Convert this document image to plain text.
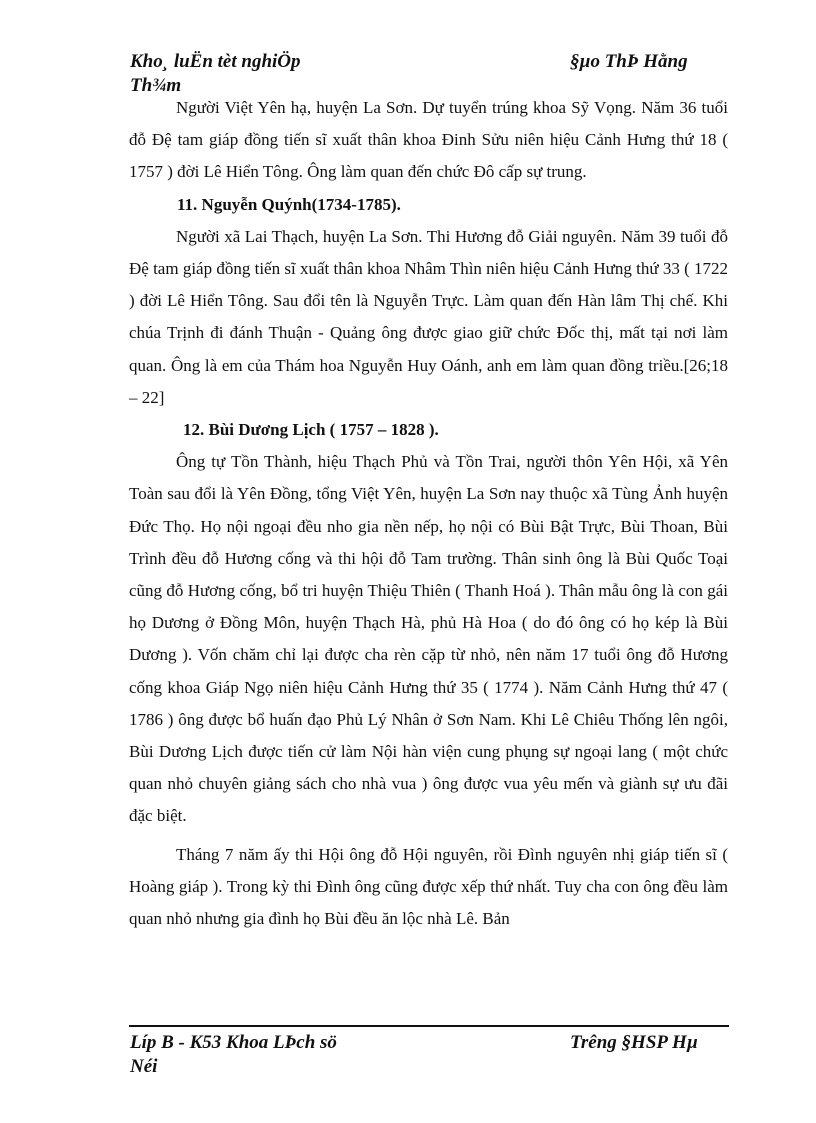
Kho¸ luËn tèt nghiÖp
Th¾m
§µo ThÞ Hằng

Người Việt Yên hạ, huyện La Sơn. Dự tuyển trúng khoa Sỹ Vọng. Năm 36 tuổi đỗ Đệ tam giáp đồng tiến sĩ xuất thân khoa Đinh Sửu niên hiệu Cảnh Hưng thứ 18 ( 1757 ) đời Lê Hiển Tông. Ông làm quan đến chức Đô cấp sự trung.

11. Nguyễn Quýnh(1734-1785).

Người xã Lai Thạch, huyện La Sơn. Thi Hương đỗ Giải nguyên. Năm 39 tuổi đỗ Đệ tam giáp đồng tiến sĩ xuất thân khoa Nhâm Thìn niên hiệu Cảnh Hưng thứ 33 ( 1722 ) đời Lê Hiển Tông. Sau đổi tên là Nguyễn Trực. Làm quan đến Hàn lâm Thị chế. Khi chúa Trịnh đi đánh Thuận - Quảng ông được giao giữ chức Đốc thị, mất tại nơi làm quan. Ông là em của Thám hoa Nguyễn Huy Oánh, anh em làm quan đồng triều.[26;18 – 22]

12. Bùi Dương Lịch ( 1757 – 1828 ).

Ông tự Tồn Thành, hiệu Thạch Phủ và Tồn Trai, người thôn Yên Hội, xã Yên Toàn sau đổi là Yên Đồng, tổng Việt Yên, huyện La Sơn nay thuộc xã Tùng Ảnh huyện Đức Thọ. Họ nội ngoại đều nho gia nền nếp, họ nội có Bùi Bật Trực, Bùi Thoan, Bùi Trình đều đỗ Hương cống và thi hội đỗ Tam trường. Thân sinh ông là Bùi Quốc Toại cũng đỗ Hương cống, bổ tri huyện Thiệu Thiên ( Thanh Hoá ). Thân mẫu ông là con gái họ Dương ở Đồng Môn, huyện Thạch Hà, phủ Hà Hoa ( do đó ông có họ kép là Bùi Dương ). Vốn chăm chỉ lại được cha rèn cặp từ nhỏ, nên năm 17 tuổi ông đỗ Hương cống khoa Giáp Ngọ niên hiệu Cảnh Hưng thứ 35 ( 1774 ). Năm Cảnh Hưng thứ 47 ( 1786 ) ông được bổ huấn đạo Phủ Lý Nhân ở Sơn Nam. Khi Lê Chiêu Thống lên ngôi, Bùi Dương Lịch được tiến cử làm Nội hàn viện cung phụng sự ngoại lang ( một chức quan nhỏ chuyên giảng sách cho nhà vua ) ông được vua yêu mến và giành sự ưu đãi đặc biệt.

Tháng 7 năm ấy thi Hội ông đỗ Hội nguyên, rồi Đình nguyên nhị giáp tiến sĩ ( Hoàng giáp ). Trong kỳ thi Đình ông cũng được xếp thứ nhất. Tuy cha con ông đều làm quan nhỏ nhưng gia đình họ Bùi đều ăn lộc nhà Lê. Bản

Líp B - K53 Khoa LÞch sö
Néi
Trêng §HSP Hµ
